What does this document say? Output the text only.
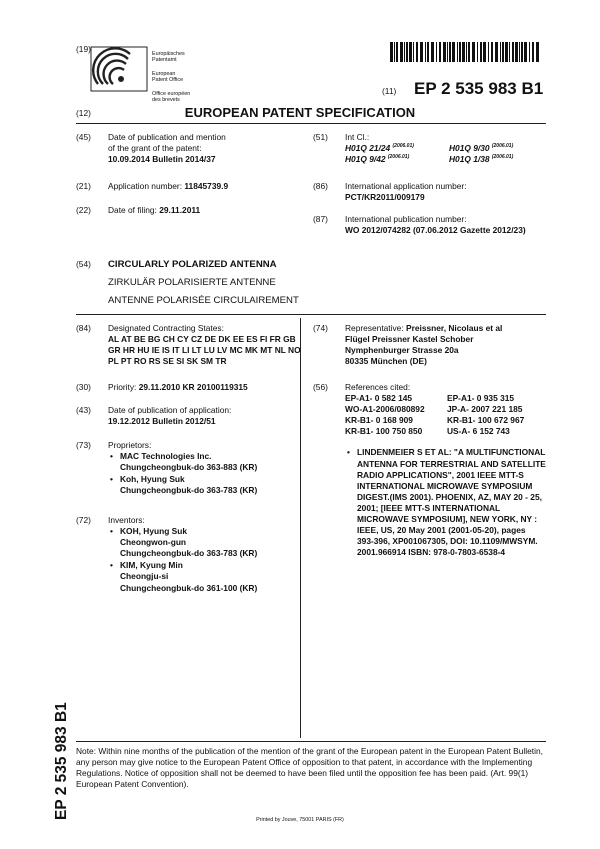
(19)	Europäisches
Patentamt

European
Patent Office

Office européen
des brevets

(11) EP 2 535 983 B1
(12)	EUROPEAN PATENT SPECIFICATION
(45) Date of publication and mention
of the grant of the patent:
10.09.2014 Bulletin 2014/37
(21) Application number: 11845739.9
(22) Date of filing: 29.11.2011
(51) Int Cl.:
H01Q 21/24 $^{(2006.01)}$	H01Q 9/30 $^{(2006.01)}$
H01Q 9/42 $^{(2006.01)}$	H01Q 1/38 $^{(2006.01)}$
(86) International application number:
PCT/KR2011/009179
(87) International publication number:
WO 2012/074282 (07.06.2012 Gazette 2012/23)
(54) CIRCULARLY POLARIZED ANTENNA
ZIRKULÄR POLARISIERTE ANTENNE
ANTENNE POLARISÉE CIRCULAIREMENT
(84) Designated Contracting States:
AL AT BE BG CH CY CZ DE DK EE ES FI FR GB
GR HR HU IE IS IT LI LT LU LV MC MK MT NL NO
PL PT RO RS SE SI SK SM TR
(30) Priority: 29.11.2010 KR 20100119315
(43) Date of publication of application:
19.12.2012 Bulletin 2012/51
(73) Proprietors:
• MAC Technologies Inc.
Chungcheongbuk-do 363-883 (KR)
• Koh, Hyung Suk
Chungcheongbuk-do 363-783 (KR)
(72) Inventors:
• KOH, Hyung Suk
Cheongwon-gun
Chungcheongbuk-do 363-783 (KR)
• KIM, Kyung Min
Cheongju-si
Chungcheongbuk-do 361-100 (KR)
(74) Representative: Preissner, Nicolaus et al
Flügel Preissner Kastel Schober
Nymphenburger Strasse 20a
80335 München (DE)
(56) References cited:
EP-A1- 0 582 145	EP-A1- 0 935 315
WO-A1-2006/080892	JP-A- 2007 221 185
KR-B1- 0 168 909	KR-B1- 100 672 967
KR-B1- 100 750 850	US-A- 6 152 743
• LINDENMEIER S ET AL: "A MULTIFUNCTIONAL
ANTENNA FOR TERRESTRIAL AND SATELLITE
RADIO APPLICATIONS", 2001 IEEE MTT-S
INTERNATIONAL MICROWAVE SYMPOSIUM
DIGEST.(IMS 2001). PHOENIX, AZ, MAY 20 - 25,
2001; [IEEE MTT-S INTERNATIONAL
MICROWAVE SYMPOSIUM], NEW YORK, NY :
IEEE, US, 20 May 2001 (2001-05-20), pages
393-396, XP001067305, DOI: 10.1109/MWSYM.
2001.966914 ISBN: 978-0-7803-6538-4
EP 2 535 983 B1 Note: Within nine months of the publication of the mention of the grant of the European patent in the European Patent Bulletin, any person may give notice to the European Patent Office of opposition to that patent, in accordance with the Implementing Regulations. Notice of opposition shall not be deemed to have been filed until the opposition fee has been paid. (Art. 99(1) European Patent Convention).
Printed by Jouve, 75001 PARIS (FR)
